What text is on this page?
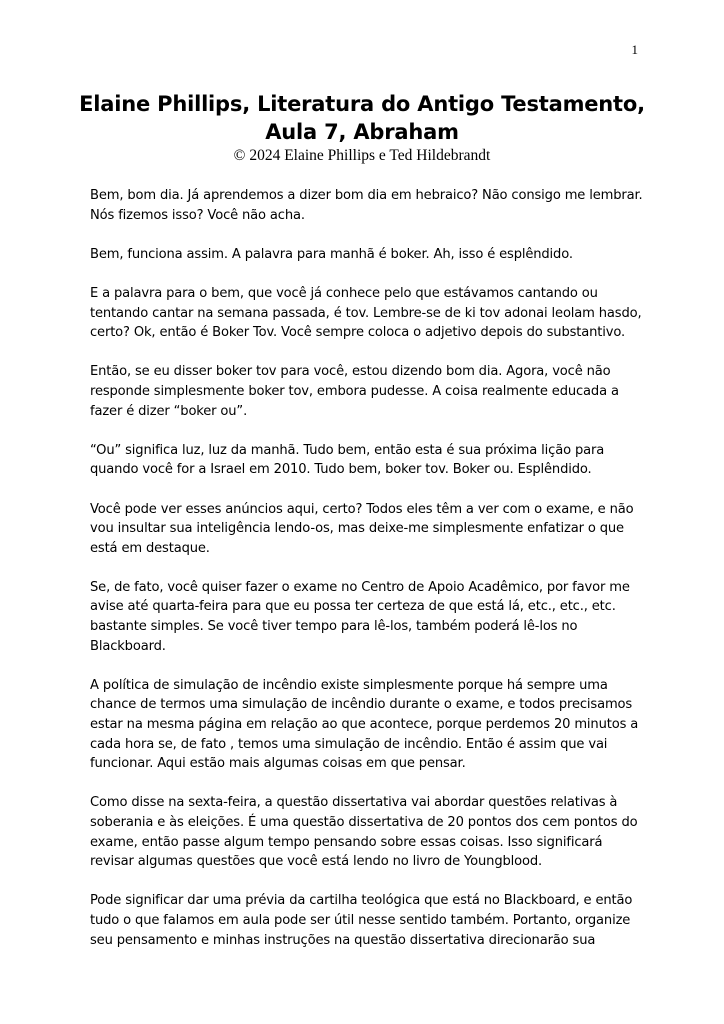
1
Elaine Phillips, Literatura do Antigo Testamento,
Aula 7, Abraham

© 2024 Elaine Phillips e Ted Hildebrandt

Bem, bom dia. Já aprendemos a dizer bom dia em hebraico? Não consigo me lembrar. Nós fizemos isso? Você não acha.

Bem, funciona assim. A palavra para manhã é boker. Ah, isso é esplêndido.

E a palavra para o bem, que você já conhece pelo que estávamos cantando ou tentando cantar na semana passada, é tov. Lembre-se de ki tov adonai leolam hasdo, certo? Ok, então é Boker Tov. Você sempre coloca o adjetivo depois do substantivo.

Então, se eu disser boker tov para você, estou dizendo bom dia. Agora, você não responde simplesmente boker tov, embora pudesse. A coisa realmente educada a fazer é dizer “boker ou”.

“Ou” significa luz, luz da manhã. Tudo bem, então esta é sua próxima lição para quando você for a Israel em 2010. Tudo bem, boker tov. Boker ou. Esplêndido.

Você pode ver esses anúncios aqui, certo? Todos eles têm a ver com o exame, e não vou insultar sua inteligência lendo-os, mas deixe-me simplesmente enfatizar o que está em destaque.

Se, de fato, você quiser fazer o exame no Centro de Apoio Acadêmico, por favor me avise até quarta-feira para que eu possa ter certeza de que está lá, etc., etc., etc. bastante simples. Se você tiver tempo para lê-los, também poderá lê-los no Blackboard.

A política de simulação de incêndio existe simplesmente porque há sempre uma chance de termos uma simulação de incêndio durante o exame, e todos precisamos estar na mesma página em relação ao que acontece, porque perdemos 20 minutos a cada hora se, de fato , temos uma simulação de incêndio. Então é assim que vai funcionar. Aqui estão mais algumas coisas em que pensar.

Como disse na sexta-feira, a questão dissertativa vai abordar questões relativas à soberania e às eleições. É uma questão dissertativa de 20 pontos dos cem pontos do exame, então passe algum tempo pensando sobre essas coisas. Isso significará revisar algumas questões que você está lendo no livro de Youngblood.

Pode significar dar uma prévia da cartilha teológica que está no Blackboard, e então tudo o que falamos em aula pode ser útil nesse sentido também. Portanto, organize seu pensamento e minhas instruções na questão dissertativa direcionarão sua
